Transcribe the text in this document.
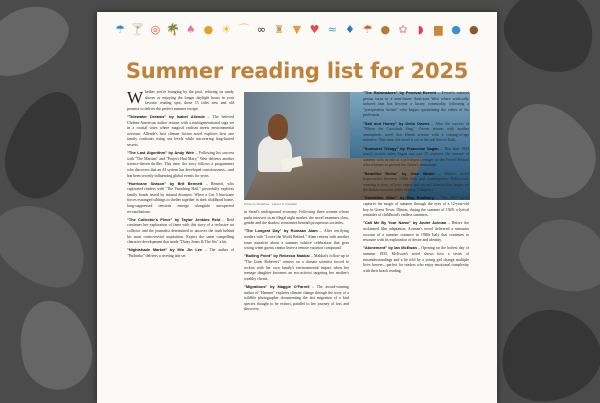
☂ 🍸 ◎ 🌴 ♠ ● ☀ ⌒ ∞ ♜ ▼ ♥ ≈ ♦ ☂ ● ✿ ◗ ▆ ● ●
Summer reading list for 2025

Whether you're lounging by the pool, relaxing on sandy shores or enjoying the longer daylight hours in your favorite reading spot, these 15 titles new and old promise to deliver the perfect summer escape.

"Tidewater Dreams" by Isabel Allende – The beloved Chilean-American author returns with a multigenerational saga set in a coastal town where magical realism meets environmental activism. Allende's first climate fiction novel explores how one family confronts rising sea levels while uncovering long-buried secrets.

"The Last Algorithm" by Andy Weir – Following his success with "The Martian" and "Project Hail Mary," Weir delivers another science-driven thriller. This time, the story follows a programmer who discovers that an AI system has developed consciousness—and has been secretly influencing global events for years.

"Hurricane Season" by Brit Bennett – Bennett, who captivated readers with "The Vanishing Half," powerfully explores family bonds tested by natural disasters. When a Cat 5 hurricane forces estranged siblings to shelter together in their childhood home, long-suppressed tensions emerge alongside unexpected reconciliations.

"The Collector's Piece" by Taylor Jenkins Reid – Reid continues her exploration of fame with this story of a reclusive art collector and the journalist determined to uncover the truth behind his most controversial acquisition. Expect the same compelling character development that made "Daisy Jones & The Six" a hit.

"Nightshade Market" by Min Jin Lee – The author of "Pachinko" delivers a riveting tale set

Photo by Mahafree - Lakers & Unsplash

in Seoul's underground economy. Following three women whose paths intersect in an illegal night market, the novel examines class, gender and the shadow economies beneath prosperous societies.

"The Longest Day" by Rumaan Alam – After terrifying readers with "Leave the World Behind," Alam returns with another tense narrative about a summer solstice celebration that goes wrong when guests cannot leave a remote vacation compound.

"Boiling Point" by Rebecca Makkai – Makkai's follow-up to "The Great Believers" centers on a climate scientist forced to reckon with her own family's environmental impact when her teenage daughter becomes an eco-activist targeting her mother's wealthy clients.

"Migrations" by Maggie O'Farrell – The award-winning author of "Hamnet" explores climate change through the story of a wildlife photographer documenting the last migration of a bird species thought to be extinct, parallel to her journey of loss and discovery.

"The Rainmakers" by Percival Everett – Everett's satirical genius turns to a near-future American West where artificially induced rain has become a luxury commodity, following a "precipitation broker" who begins questioning the ethics of his profession.

"Salt and Honey" by Delia Owens – After the success of "Where the Crawdads Sing," Owens returns with another atmospheric novel that blends science with a coming-of-age narrative. This time, the novel is set in the salt flats of Utah.

"Sunburst Trilogy" by Francoise Sagan – This slim 1954 novel, written when Sagan was just 18, explores the essence of summer with its tale of a privileged teenager on the French Riviera who schemes to prevent her father's remarriage.

"Beautiful Ruins" by Jess Walter – Walter's novel hopscotches between 1960s Italy and contemporary Hollywood, weaving a story of love, regret and second chances that begins on the Italian coastline while filming "Cleopatra."

"Dandelion Wine" by Ray Bradbury – This 1957 novel captures the magic of summer through the eyes of a 12-year-old boy in Green Town, Illinois, during the summer of 1928: a lyrical reminder of childhood's endless summers.

"Call Me By Your Name" by André Aciman – Before the acclaimed film adaptation, Aciman's novel delivered a sensuous account of a summer romance in 1980s Italy that continues to resonate with its exploration of desire and identity.

"Atonement" by Ian McEwan – Opening on the hottest day of summer 1935, McEwan's novel shows how a series of misunderstandings and a lie told by a young girl change multiple lives forever—perfect for readers who enjoy emotional complexity with their beach reading.
